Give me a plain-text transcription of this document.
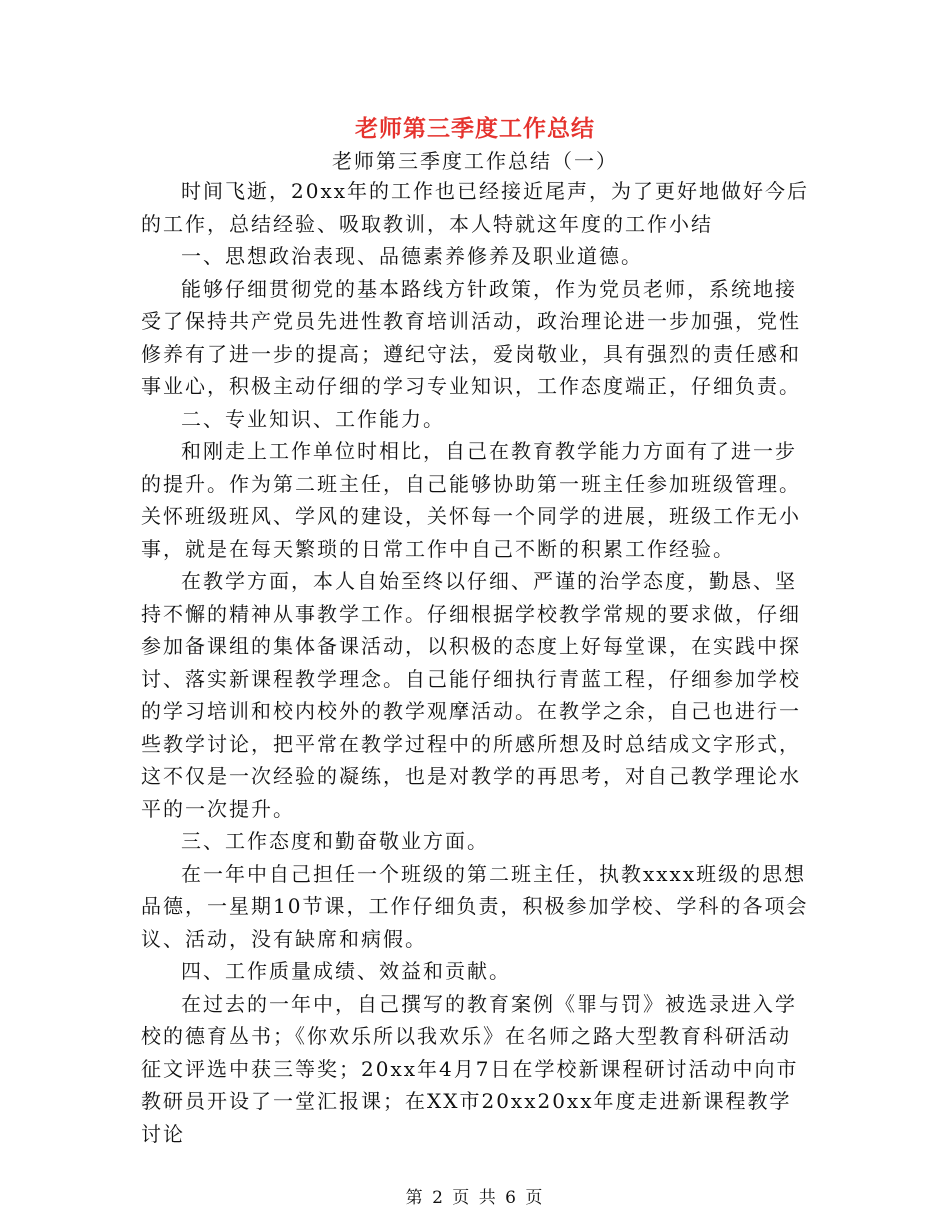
老师第三季度工作总结
老师第三季度工作总结（一）

时间飞逝，20xx年的工作也已经接近尾声，为了更好地做好今后的工作，总结经验、吸取教训，本人特就这年度的工作小结

一、思想政治表现、品德素养修养及职业道德。

能够仔细贯彻党的基本路线方针政策，作为党员老师，系统地接受了保持共产党员先进性教育培训活动，政治理论进一步加强，党性修养有了进一步的提高；遵纪守法，爱岗敬业，具有强烈的责任感和事业心，积极主动仔细的学习专业知识，工作态度端正，仔细负责。

二、专业知识、工作能力。

和刚走上工作单位时相比，自己在教育教学能力方面有了进一步的提升。作为第二班主任，自己能够协助第一班主任参加班级管理。关怀班级班风、学风的建设，关怀每一个同学的进展，班级工作无小事，就是在每天繁琐的日常工作中自己不断的积累工作经验。

在教学方面，本人自始至终以仔细、严谨的治学态度，勤恳、坚持不懈的精神从事教学工作。仔细根据学校教学常规的要求做，仔细参加备课组的集体备课活动，以积极的态度上好每堂课，在实践中探讨、落实新课程教学理念。自己能仔细执行青蓝工程，仔细参加学校的学习培训和校内校外的教学观摩活动。在教学之余，自己也进行一些教学讨论，把平常在教学过程中的所感所想及时总结成文字形式，这不仅是一次经验的凝练，也是对教学的再思考，对自己教学理论水平的一次提升。

三、工作态度和勤奋敬业方面。

在一年中自己担任一个班级的第二班主任，执教xxxx班级的思想品德，一星期10节课，工作仔细负责，积极参加学校、学科的各项会议、活动，没有缺席和病假。

四、工作质量成绩、效益和贡献。

在过去的一年中，自己撰写的教育案例《罪与罚》被选录进入学校的德育丛书；《你欢乐所以我欢乐》在名师之路大型教育科研活动征文评选中获三等奖；20xx年4月7日在学校新课程研讨活动中向市教研员开设了一堂汇报课；在XX市20xx20xx年度走进新课程教学讨论

第 2 页 共 6 页
